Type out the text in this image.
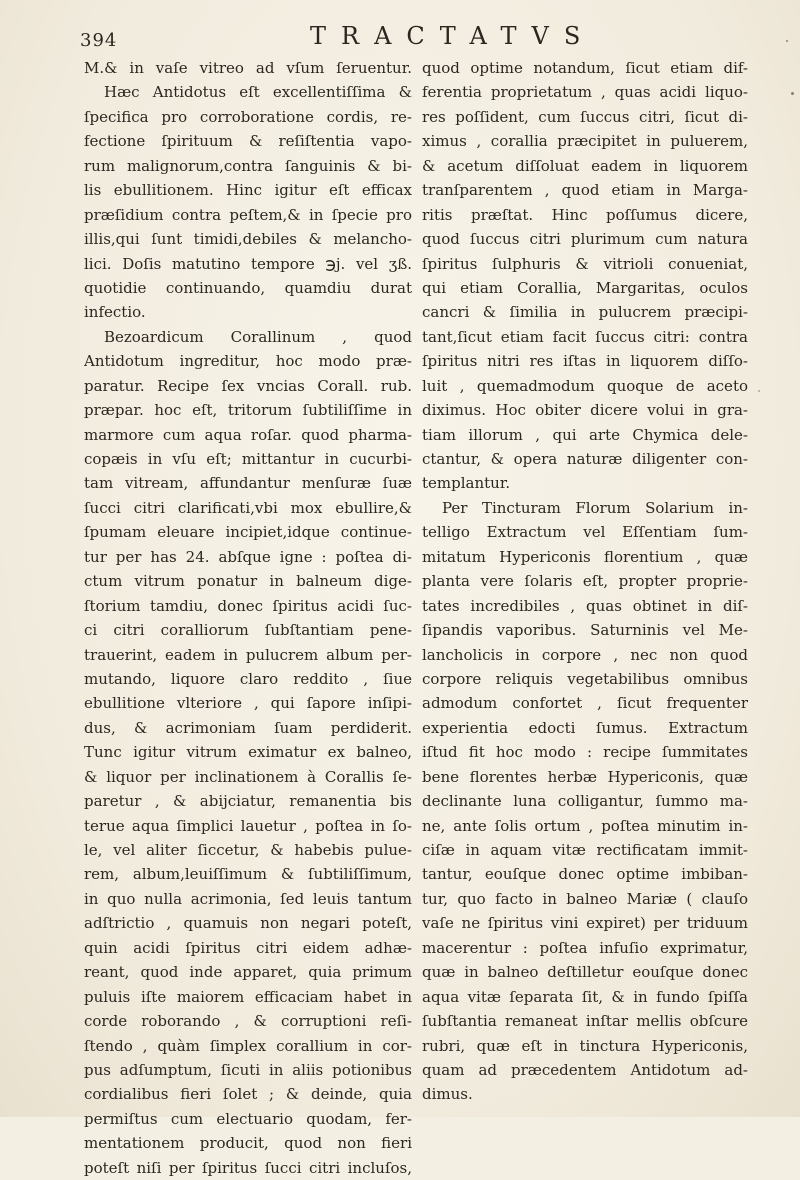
394	TRACTATVS
M.& in vaſe vitreo ad vſum ſeruentur.
Hæc Antidotus eſt excellentiſſima &
ſpecifica pro corroboratione cordis, re-
fectione ſpirituum & reſiſtentia vapo-
rum malignorum,contra ſanguinis & bi-
lis ebullitionem. Hinc igitur eſt efficax
præſidium contra peſtem,& in ſpecie pro
illis,qui ſunt timidi,debiles & melancho-
lici. Doſis matutino tempore ℈j. vel ʒß.
quotidie continuando, quamdiu durat
infectio.
Bezoardicum Corallinum , quod
Antidotum ingreditur, hoc modo præ-
paratur. Recipe ſex vncias Corall. rub.
præpar. hoc eſt, tritorum ſubtiliſſime in
marmore cum aqua roſar. quod pharma-
copæis in vſu eſt; mittantur in cucurbi-
tam vitream, affundantur menſuræ ſuæ
ſucci citri clarificati,vbi mox ebullire,&
ſpumam eleuare incipiet,idque continue-
tur per has 24. abſque igne : poſtea di-
ctum vitrum ponatur in balneum dige-
ſtorium tamdiu, donec ſpiritus acidi ſuc-
ci citri coralliorum ſubſtantiam pene-
trauerint, eadem in pulucrem album per-
mutando, liquore claro reddito , ſiue
ebullitione vlteriore , qui ſapore inſipi-
dus, & acrimoniam ſuam perdiderit.
Tunc igitur vitrum eximatur ex balneo,
& liquor per inclinationem à Corallis ſe-
paretur , & abijciatur, remanentia bis
terue aqua ſimplici lauetur , poſtea in ſo-
le, vel aliter ſiccetur, & habebis pulue-
rem, album,leuiſſimum & ſubtiliſſimum,
in quo nulla acrimonia, ſed leuis tantum
adſtrictio , quamuis non negari poteſt,
quin acidi ſpiritus citri eidem adhæ-
reant, quod inde apparet, quia primum
puluis iſte maiorem efficaciam habet in
corde roborando , & corruptioni reſi-
ſtendo , quàm ſimplex corallium in cor-
pus adſumptum, ſicuti in aliis potionibus
cordialibus fieri ſolet ; & deinde, quia
permiſtus cum electuario quodam, fer-
mentationem producit, quod non fieri
poteſt niſi per ſpiritus ſucci citri incluſos,
quod optime notandum, ſicut etiam dif-
ferentia proprietatum , quas acidi liquo-
res poſſident, cum ſuccus citri, ſicut di-
ximus , corallia præcipitet in puluerem,
& acetum diſſoluat eadem in liquorem
tranſparentem , quod etiam in Marga-
ritis præſtat. Hinc poſſumus dicere,
quod ſuccus citri plurimum cum natura
ſpiritus ſulphuris & vitrioli conueniat,
qui etiam Corallia, Margaritas, oculos
cancri & ſimilia in pulucrem præcipi-
tant,ſicut etiam facit ſuccus citri: contra
ſpiritus nitri res iſtas in liquorem diſſo-
luit , quemadmodum quoque de aceto
diximus. Hoc obiter dicere volui in gra-
tiam illorum , qui arte Chymica dele-
ctantur, & opera naturæ diligenter con-
templantur.
Per Tincturam Florum Solarium in-
telligo Extractum vel Eſſentiam ſum-
mitatum Hypericonis florentium , quæ
planta vere ſolaris eſt, propter proprie-
tates incredibiles , quas obtinet in diſ-
ſipandis vaporibus. Saturninis vel Me-
lancholicis in corpore , nec non quod
corpore reliquis vegetabilibus omnibus
admodum confortet , ſicut frequenter
experientia edocti ſumus. Extractum
iſtud fit hoc modo : recipe ſummitates
bene florentes herbæ Hypericonis, quæ
declinante luna colligantur, ſummo ma-
ne, ante ſolis ortum , poſtea minutim in-
ciſæ in aquam vitæ rectificatam immit-
tantur, eouſque donec optime imbiban-
tur, quo facto in balneo Mariæ ( clauſo
vaſe ne ſpiritus vini expiret) per triduum
macerentur : poſtea infuſio exprimatur,
quæ in balneo deſtilletur eouſque donec
aqua vitæ ſeparata ſit, & in fundo ſpiſſa
ſubſtantia remaneat inſtar mellis obſcure
rubri, quæ eſt in tinctura Hypericonis,
quam ad præcedentem Antidotum ad-
dimus.
